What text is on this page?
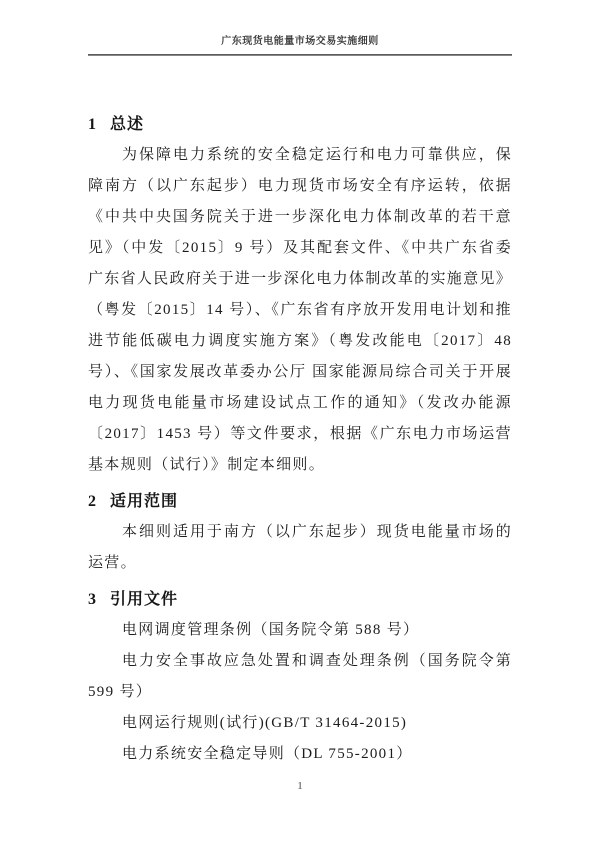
广东现货电能量市场交易实施细则
1 总述

为保障电力系统的安全稳定运行和电力可靠供应，保障南方（以广东起步）电力现货市场安全有序运转，依据《中共中央国务院关于进一步深化电力体制改革的若干意见》（中发〔2015〕9 号）及其配套文件、《中共广东省委 广东省人民政府关于进一步深化电力体制改革的实施意见》（粤发〔2015〕14 号）、《广东省有序放开发用电计划和推进节能低碳电力调度实施方案》（粤发改能电〔2017〕48 号）、《国家发展改革委办公厅 国家能源局综合司关于开展电力现货电能量市场建设试点工作的通知》（发改办能源〔2017〕1453 号）等文件要求，根据《广东电力市场运营基本规则（试行）》制定本细则。

2 适用范围

本细则适用于南方（以广东起步）现货电能量市场的运营。

3 引用文件

电网调度管理条例（国务院令第 588 号）

电力安全事故应急处置和调查处理条例（国务院令第 599 号）

电网运行规则(试行)(GB/T 31464-2015)

电力系统安全稳定导则（DL 755-2001）

1
